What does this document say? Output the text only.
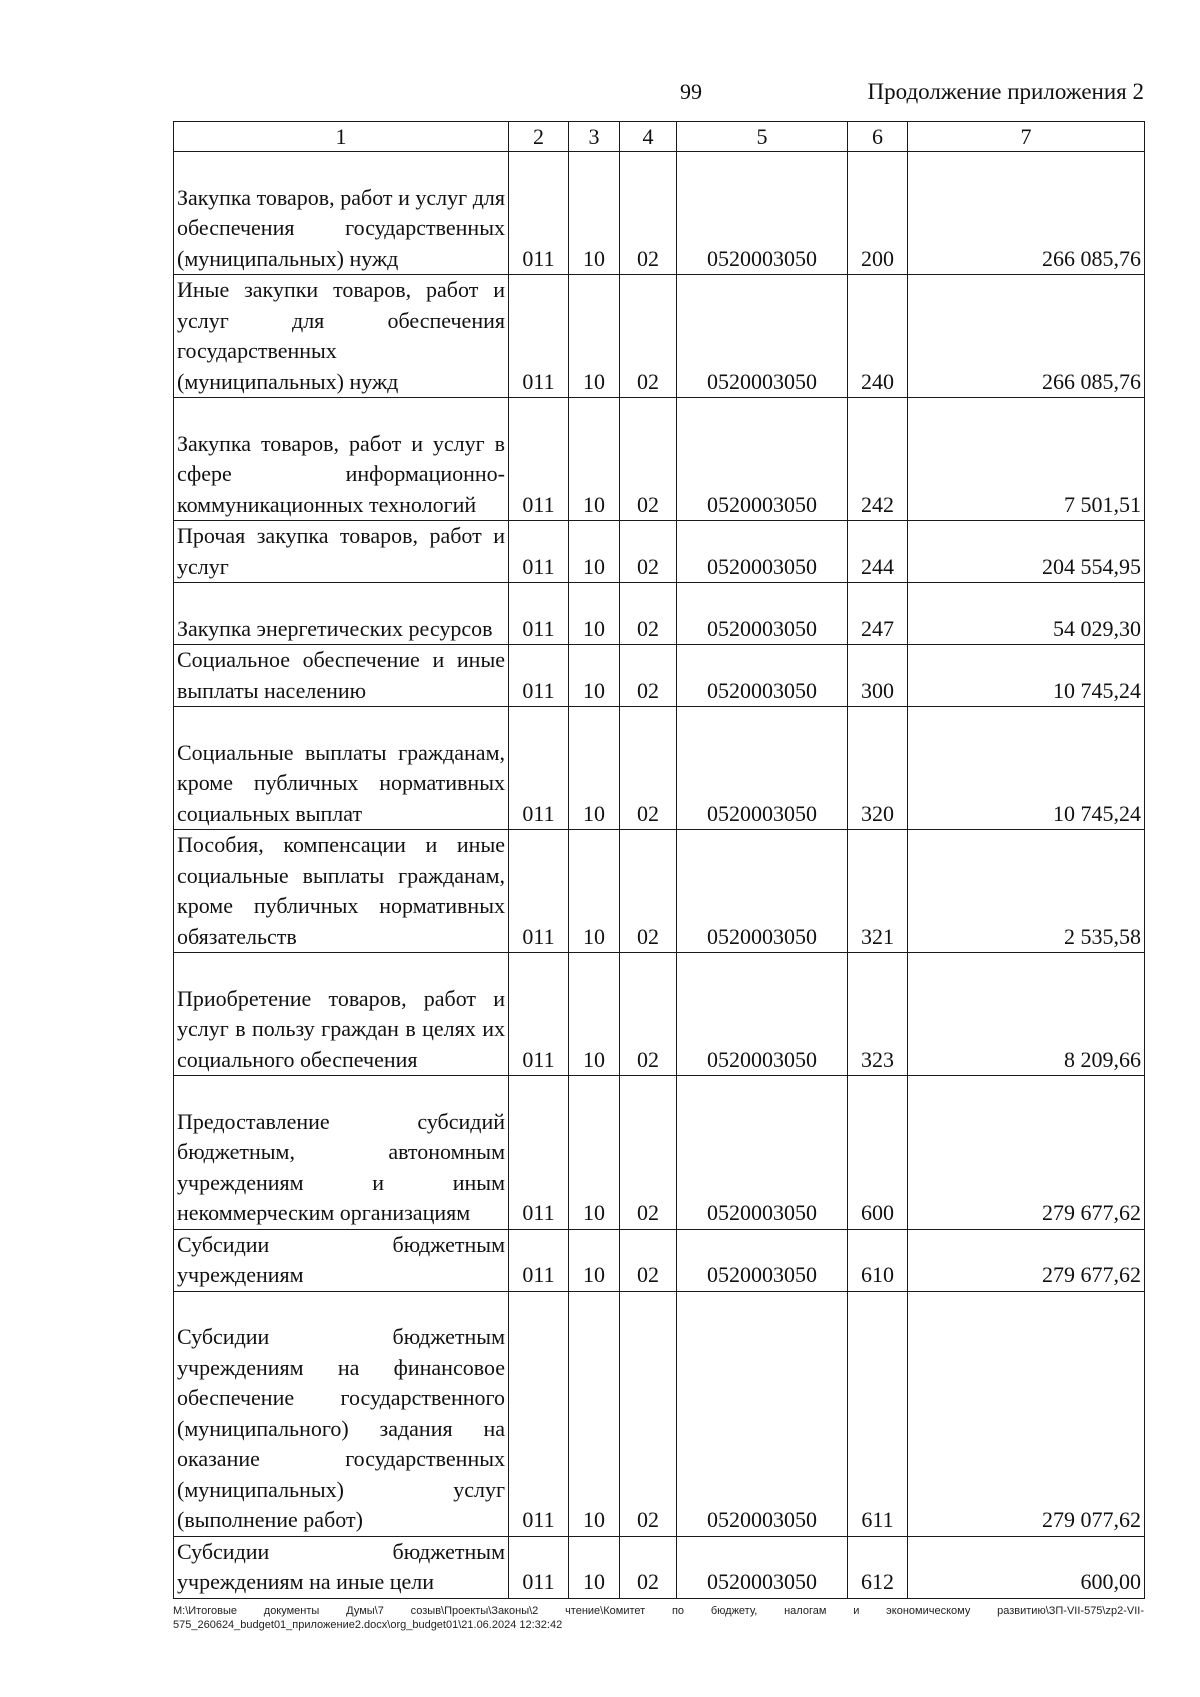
99	Продолжение приложения 2
1	2	3	4	5	6	7
Закупка товаров, работ и услуг для обеспечения государственных (муниципальных) нужд	011	10	02	0520003050	200	266 085,76
Иные закупки товаров, работ и услуг для обеспечения государственных (муниципальных) нужд	011	10	02	0520003050	240	266 085,76
Закупка товаров, работ и услуг в сфере информационно-коммуникационных технологий	011	10	02	0520003050	242	7 501,51
Прочая закупка товаров, работ и услуг	011	10	02	0520003050	244	204 554,95
Закупка энергетических ресурсов	011	10	02	0520003050	247	54 029,30
Социальное обеспечение и иные выплаты населению	011	10	02	0520003050	300	10 745,24
Социальные выплаты гражданам, кроме публичных нормативных социальных выплат	011	10	02	0520003050	320	10 745,24
Пособия, компенсации и иные социальные выплаты гражданам, кроме публичных нормативных обязательств	011	10	02	0520003050	321	2 535,58
Приобретение товаров, работ и услуг в пользу граждан в целях их социального обеспечения	011	10	02	0520003050	323	8 209,66
Предоставление субсидий бюджетным, автономным учреждениям и иным некоммерческим организациям	011	10	02	0520003050	600	279 677,62
Субсидии бюджетным учреждениям	011	10	02	0520003050	610	279 677,62
Субсидии бюджетным учреждениям на финансовое обеспечение государственного (муниципального) задания на оказание государственных (муниципальных) услуг (выполнение работ)	011	10	02	0520003050	611	279 077,62
Субсидии бюджетным учреждениям на иные цели	011	10	02	0520003050	612	600,00
М:\Итоговые документы Думы\7 созыв\Проекты\Законы\2 чтение\Комитет по бюджету, налогам и экономическому развитию\ЗП-VII-575\zp2-VII-575_260624_budget01_приложение2.docx\org_budget01\21.06.2024 12:32:42
